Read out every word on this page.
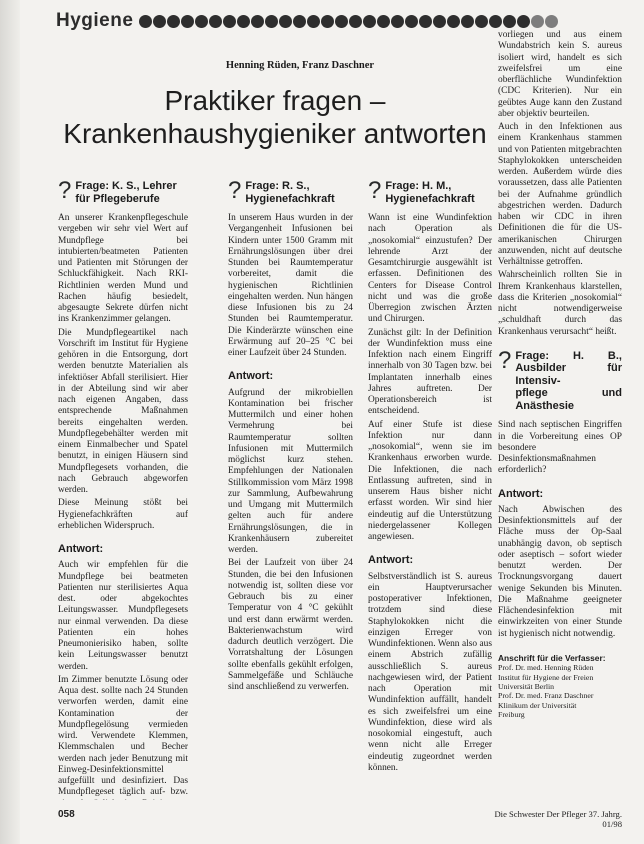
Hygiene
Henning Rüden, Franz Daschner
Praktiker fragen –
Krankenhaushygieniker antworten
? Frage: K. S., Lehrer
für Pflegeberufe

An unserer Krankenpflegeschule vergeben wir sehr viel Wert auf Mundpflege bei intubierten/beatmeten Patienten und Patienten mit Störungen der Schluckfähigkeit. Nach RKI-Richtlinien werden Mund und Rachen häufig besiedelt, abgesaugte Sekrete dürfen nicht ins Krankenzimmer gelangen.

Die Mundpflegeartikel nach Vorschrift im Institut für Hygiene gehören in die Entsorgung, dort werden benutzte Materialien als infektiöser Abfall sterilisiert. Hier in der Abteilung sind wir aber nach eigenen Angaben, dass entsprechende Maßnahmen bereits eingehalten werden. Mundpflegebehälter werden mit einem Einmalbecher und Spatel benutzt, in einigen Häusern sind Mundpflegesets vorhanden, die nach Gebrauch abgeworfen werden.

Diese Meinung stößt bei Hygienefachkräften auf erheblichen Widerspruch.

Antwort:

Auch wir empfehlen für die Mundpflege bei beatmeten Patienten nur sterilisiertes Aqua dest. oder abgekochtes Leitungswasser. Mundpflegesets nur einmal verwenden. Da diese Patienten ein hohes Pneumonierisiko haben, sollte kein Leitungswasser benutzt werden.

Im Zimmer benutzte Lösung oder Aqua dest. sollte nach 24 Stunden verworfen werden, damit eine Kontamination der Mundpflegelösung vermieden wird. Verwendete Klemmen, Klemmschalen und Becher werden nach jeder Benutzung mit Einweg-Desinfektionsmittel aufgefüllt und desinfiziert. Das Mundpflegeset täglich auf- bzw.

? Frage: R. S.,
Hygienefachkraft

In unserem Haus wurden in der Vergangenheit Infusionen bei Kindern unter 1500 Gramm mit Ernährungslösungen über drei Stunden bei Raumtemperatur vorbereitet, damit die hygienischen Richtlinien eingehalten werden. Nun hängen diese Infusionen bis zu 24 Stunden bei Raumtemperatur. Die Kinderärzte wünschen eine Erwärmung auf 20–25 °C bei einer Laufzeit über 24 Stunden.

Antwort:

Aufgrund der mikrobiellen Kontamination bei frischer Muttermilch und einer hohen Vermehrung bei Raumtemperatur sollten Infusionen mit Muttermilch möglichst kurz stehen. Empfehlungen der Nationalen Stillkommission vom März 1998 zur Sammlung, Aufbewahrung und Umgang mit Muttermilch gelten auch für andere Ernährungslösungen, die in Krankenhäusern zubereitet werden.

Bei der Laufzeit von über 24 Stunden, die bei den Infusionen notwendig ist, sollten diese vor Gebrauch bis zu einer Temperatur von 4 °C gekühlt und erst dann erwärmt werden. Bakterienwachstum wird dadurch deutlich verzögert. Die Vorratshaltung der Lösungen sollte ebenfalls gekühlt erfolgen, Sammelgefäße und Schläuche sind anschließend zu verwerfen.

? Frage: H. M.,
Hygienefachkraft

Wann ist eine Wundinfektion nach Operation als „nosokomial“ einzustufen? Der lehrende Arzt der Gesamtchirurgie ausgewählt ist erfassen. Definitionen des Centers for Disease Control nicht und was die große Überregion zwischen Ärzten und Chirurgen.

Zunächst gilt: In der Definition der Wundinfektion muss eine Infektion nach einem Eingriff innerhalb von 30 Tagen bzw. bei Implantaten innerhalb eines Jahres auftreten. Der Operationsbereich ist entscheidend.

Auf einer Stufe ist diese Infektion nur dann „nosokomial“, wenn sie im Krankenhaus erworben wurde. Die Infektionen, die nach Entlassung auftreten, sind in unserem Haus bisher nicht erfasst worden. Wir sind hier eindeutig auf die Unterstützung niedergelassener Kollegen angewiesen.

Antwort:

Selbstverständlich ist S. aureus ein Hauptverursacher postoperativer Infektionen, trotzdem sind diese Staphylokokken nicht die einzigen Erreger von Wundinfektionen. Wenn also aus einem Abstrich zufällig ausschließlich S. aureus nachgewiesen wird, der Patient nach Operation mit Wundinfektion auffällt, handelt es sich zweifelsfrei um eine Wundinfektion, diese wird als nosokomial eingestuft, auch wenn nicht alle Erreger eindeutig zugeordnet werden können.

vorliegen und aus einem Wundabstrich kein S. aureus isoliert wird, handelt es sich zweifelsfrei um eine oberflächliche Wundinfektion (CDC Kriterien). Nur ein geübtes Auge kann den Zustand aber objektiv beurteilen.

Auch in den Infektionen aus einem Krankenhaus stammen und von Patienten mitgebrachten Staphylokokken unterscheiden werden. Außerdem würde dies voraussetzen, dass alle Patienten bei der Aufnahme gründlich abgestrichen werden. Dadurch haben wir CDC in ihren Definitionen die für die US-amerikanischen Chirurgen anzuwenden, nicht auf deutsche Verhältnisse getroffen.

Wahrscheinlich rollten Sie in Ihrem Krankenhaus klarstellen, dass die Kriterien „nosokomial“ nicht notwendigerweise „schuldhaft durch das Krankenhaus verursacht“ heißt.

? Frage: H. B., Ausbilder für Intensiv-
pflege und Anästhesie

Sind nach septischen Eingriffen in die Vorbereitung eines OP besondere Desinfektionsmaßnahmen erforderlich?

Antwort:

Nach Abwischen des Desinfektionsmittels auf der Fläche muss der Op-Saal unabhängig davon, ob septisch oder aseptisch – sofort wieder benutzt werden. Der Trocknungsvorgang dauert wenige Sekunden bis Minuten. Die Maßnahme geeigneter Flächendesinfektion mit einwirkzeiten von einer Stunde ist hygienisch nicht notwendig.

Anschrift für die Verfasser:
Prof. Dr. med. Henning Rüden
Institut für Hygiene der Freien
Universität Berlin
Prof. Dr. med. Franz Daschner
Klinikum der Universität
Freiburg
058	Die Schwester Der Pfleger 37. Jahrg. 01/98
